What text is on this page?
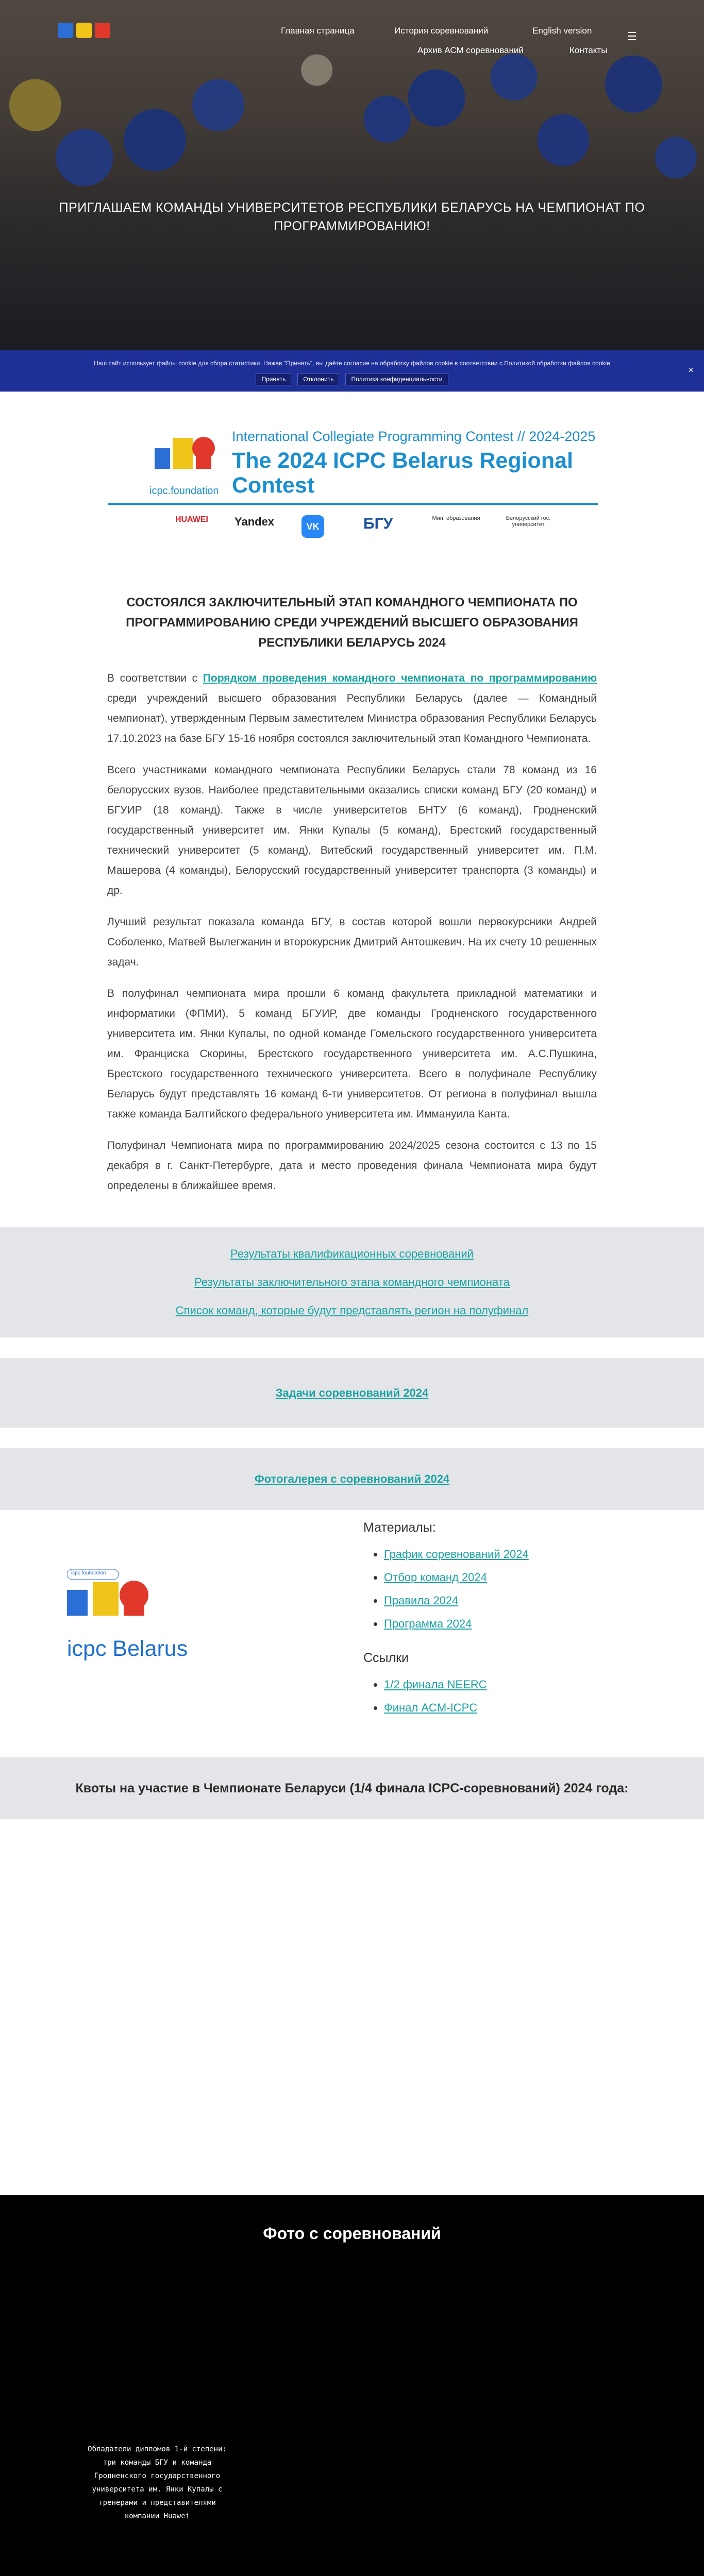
Главная страница	История соревнований	English version
Архив АСМ соревнований	Контакты
☰
ПРИГЛАШАЕМ КОМАНДЫ УНИВЕРСИТЕТОВ РЕСПУБЛИКИ БЕЛАРУСЬ НА ЧЕМПИОНАТ ПО
ПРОГРАММИРОВАНИЮ!

Наш сайт использует файлы cookie для сбора статистики. Нажав "Принять", вы даёте согласие на обработку файлов cookie в соответствии с Политикой обработки файлов cookie

Принять	Отклонить	Политика конфиденциальности
×
icpc.foundation
International Collegiate Programming Contest // 2024-2025
The 2024 ICPC Belarus Regional Contest
HUAWEI Yandex	VK	БГУ	Мин. образования	Белорусский гос. университет
СОСТОЯЛСЯ ЗАКЛЮЧИТЕЛЬНЫЙ ЭТАП КОМАНДНОГО ЧЕМПИОНАТА ПО ПРОГРАММИРОВАНИЮ СРЕДИ УЧРЕЖДЕНИЙ ВЫСШЕГО ОБРАЗОВАНИЯ РЕСПУБЛИКИ БЕЛАРУСЬ 2024

В соответствии с Порядком проведения командного чемпионата по программированию среди учреждений высшего образования Республики Беларусь (далее — Командный чемпионат), утвержденным Первым заместителем Министра образования Республики Беларусь 17.10.2023 на базе БГУ 15-16 ноября состоялся заключительный этап Командного Чемпионата.

Всего участниками командного чемпионата Республики Беларусь стали 78 команд из 16 белорусских вузов. Наиболее представительными оказались списки команд БГУ (20 команд) и БГУИР (18 команд). Также в числе университетов БНТУ (6 команд), Гродненский государственный университет им. Янки Купалы (5 команд), Брестский государственный технический университет (5 команд), Витебский государственный университет им. П.М. Машерова (4 команды), Белорусский государственный университет транспорта (3 команды) и др.

Лучший результат показала команда БГУ, в состав которой вошли первокурсники Андрей Соболенко, Матвей Вылегжанин и второкурсник Дмитрий Антошкевич. На их счету 10 решенных задач.

В полуфинал чемпионата мира прошли 6 команд факультета прикладной математики и информатики (ФПМИ), 5 команд БГУИР, две команды Гродненского государственного университета им. Янки Купалы, по одной команде Гомельского государственного университета им. Франциска Скорины, Брестского государственного университета им. А.С.Пушкина, Брестского государственного технического университета. Всего в полуфинале Республику Беларусь будут представлять 16 команд 6-ти университетов. От региона в полуфинал вышла также команда Балтийского федерального университета им. Иммануила Канта.

Полуфинал Чемпионата мира по программированию 2024/2025 сезона состоится с 13 по 15 декабря в г. Санкт-Петербурге, дата и место проведения финала Чемпионата мира будут определены в ближайшее время.

Результаты квалификационных соревнований
Результаты заключительного этапа командного чемпионата
Список команд, которые будут представлять регион на полуфинал
Задачи соревнований 2024
Фотогалерея с соревнований 2024
icpc.foundation
icpc Belarus
Материалы:
• График соревнований 2024
• Отбор команд 2024
• Правила 2024
• Программа 2024
Ссылки
• 1/2 финала NEERC
• Финал ACM-ICPC
Квоты на участие в Чемпионате Беларуси (1/4 финала ICPC-соревнований) 2024 года:
Фото с соревнований
Обладатели дипломов 1-й степени: три команды БГУ и команда Гродненского государственного университета им. Янки Купалы с тренерами и представителями компании Huawei
